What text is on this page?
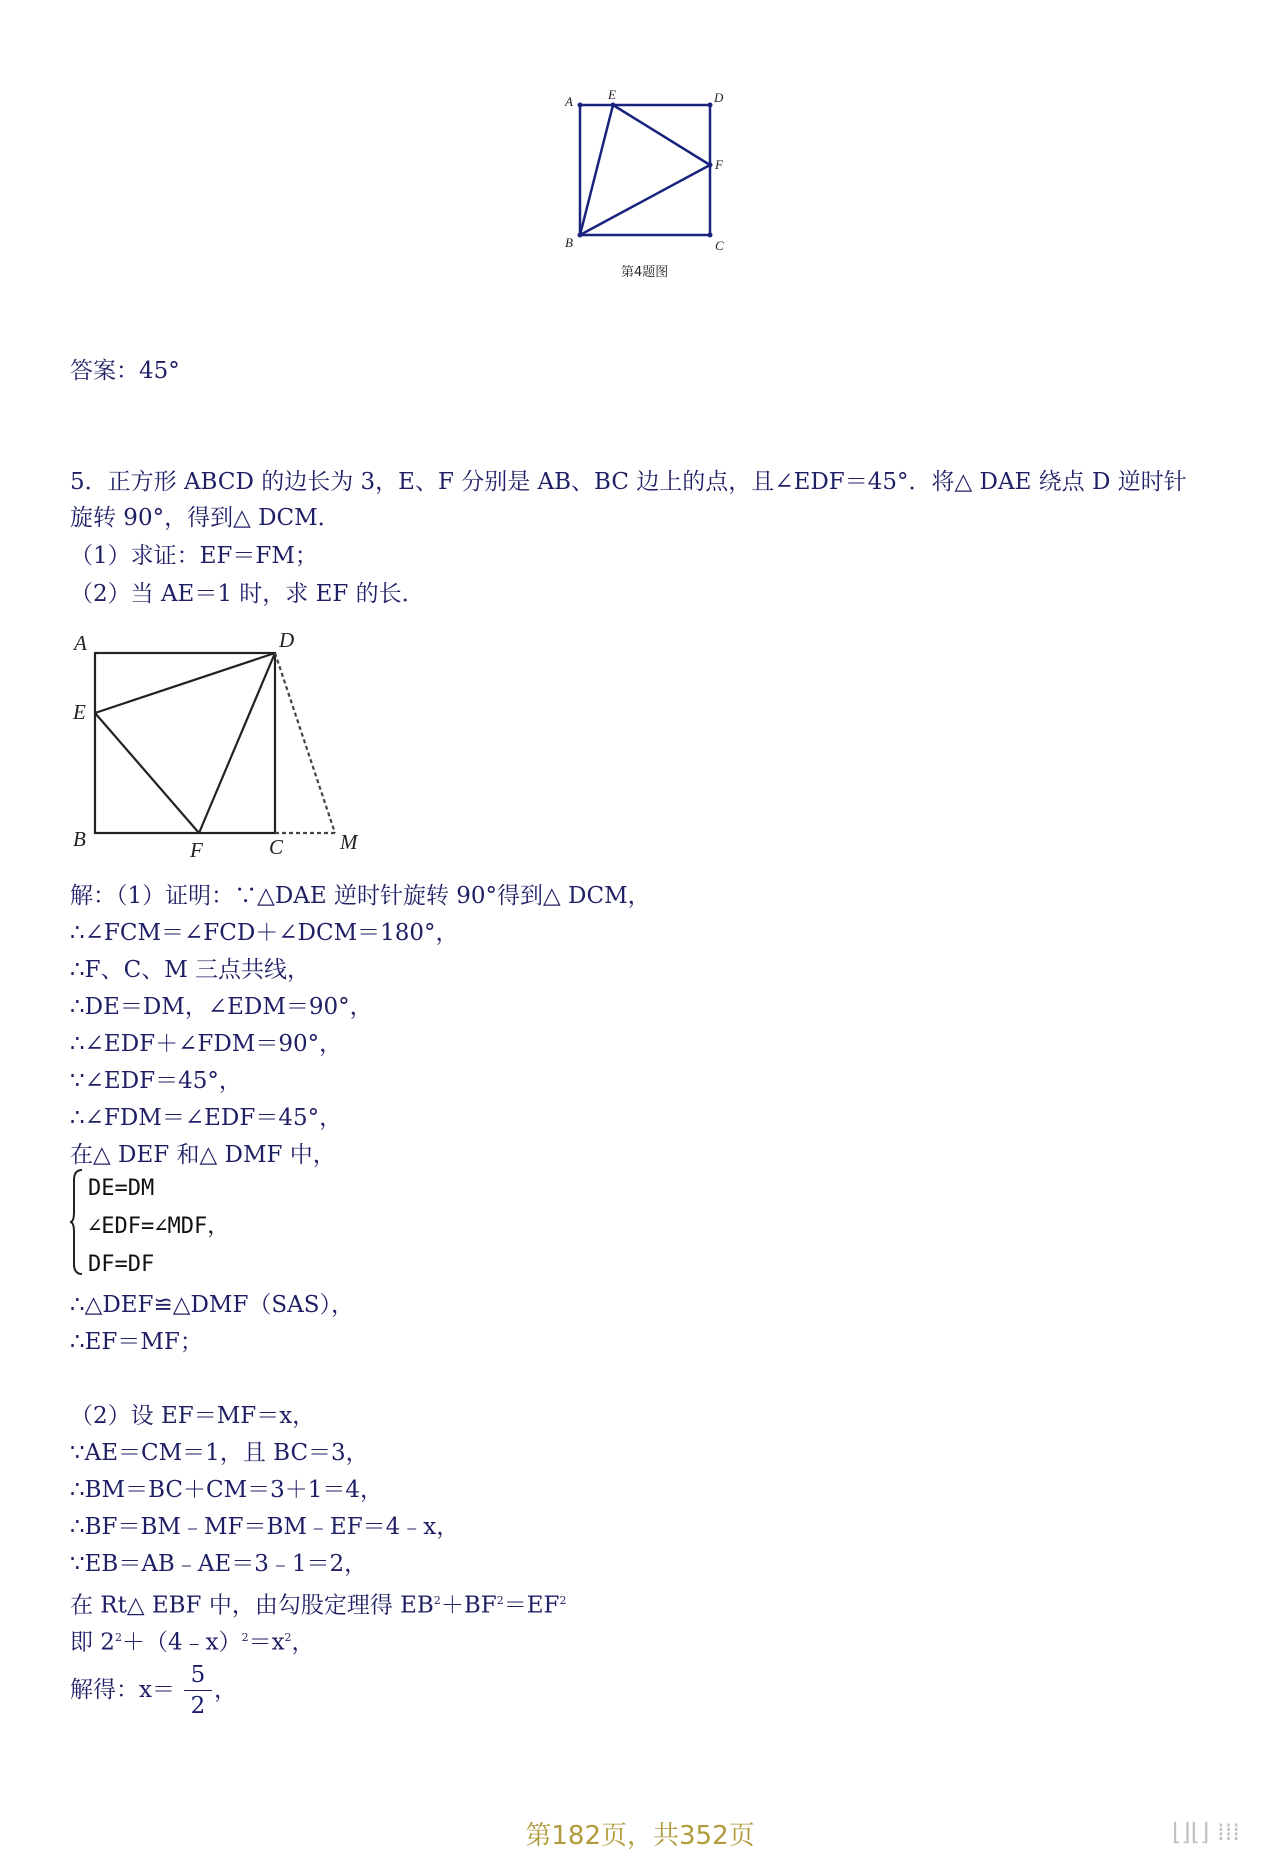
A	E	D
F
B	C
第4题图
答案：45°
5．正方形 ABCD 的边长为 3，E、F 分别是 AB、BC 边上的点，且∠EDF＝45°．将△ DAE 绕点 D 逆时针
旋转 90°，得到△ DCM．
（1）求证：EF＝FM；
（2）当 AE＝1 时，求 EF 的长．
A	D
E
B	F	C	M
解：（1）证明：∵△DAE 逆时针旋转 90°得到△ DCM，
∴∠FCM＝∠FCD＋∠DCM＝180°，
∴F、C、M 三点共线，
∴DE＝DM，∠EDM＝90°，
∴∠EDF＋∠FDM＝90°，
∵∠EDF＝45°，
∴∠FDM＝∠EDF＝45°，
在△ DEF 和△ DMF 中，
DE=DM
∠EDF=∠MDF，
DF=DF
∴△DEF≌△DMF（SAS），
∴EF＝MF；
（2）设 EF＝MF＝x，
∵AE＝CM＝1，且 BC＝3，
∴BM＝BC＋CM＝3＋1＝4，
∴BF＝BM﹣MF＝BM﹣EF＝4﹣x，
∵EB＝AB﹣AE＝3﹣1＝2，
在 Rt△ EBF 中，由勾股定理得 $EB^2+BF^2=EF^2$
即 $2^2+(4﹣x)^2=x^2$，
解得：x＝
5
2
，
第182页，共352页	⌊⌋⌊⌋ ⁞⁞⁞
